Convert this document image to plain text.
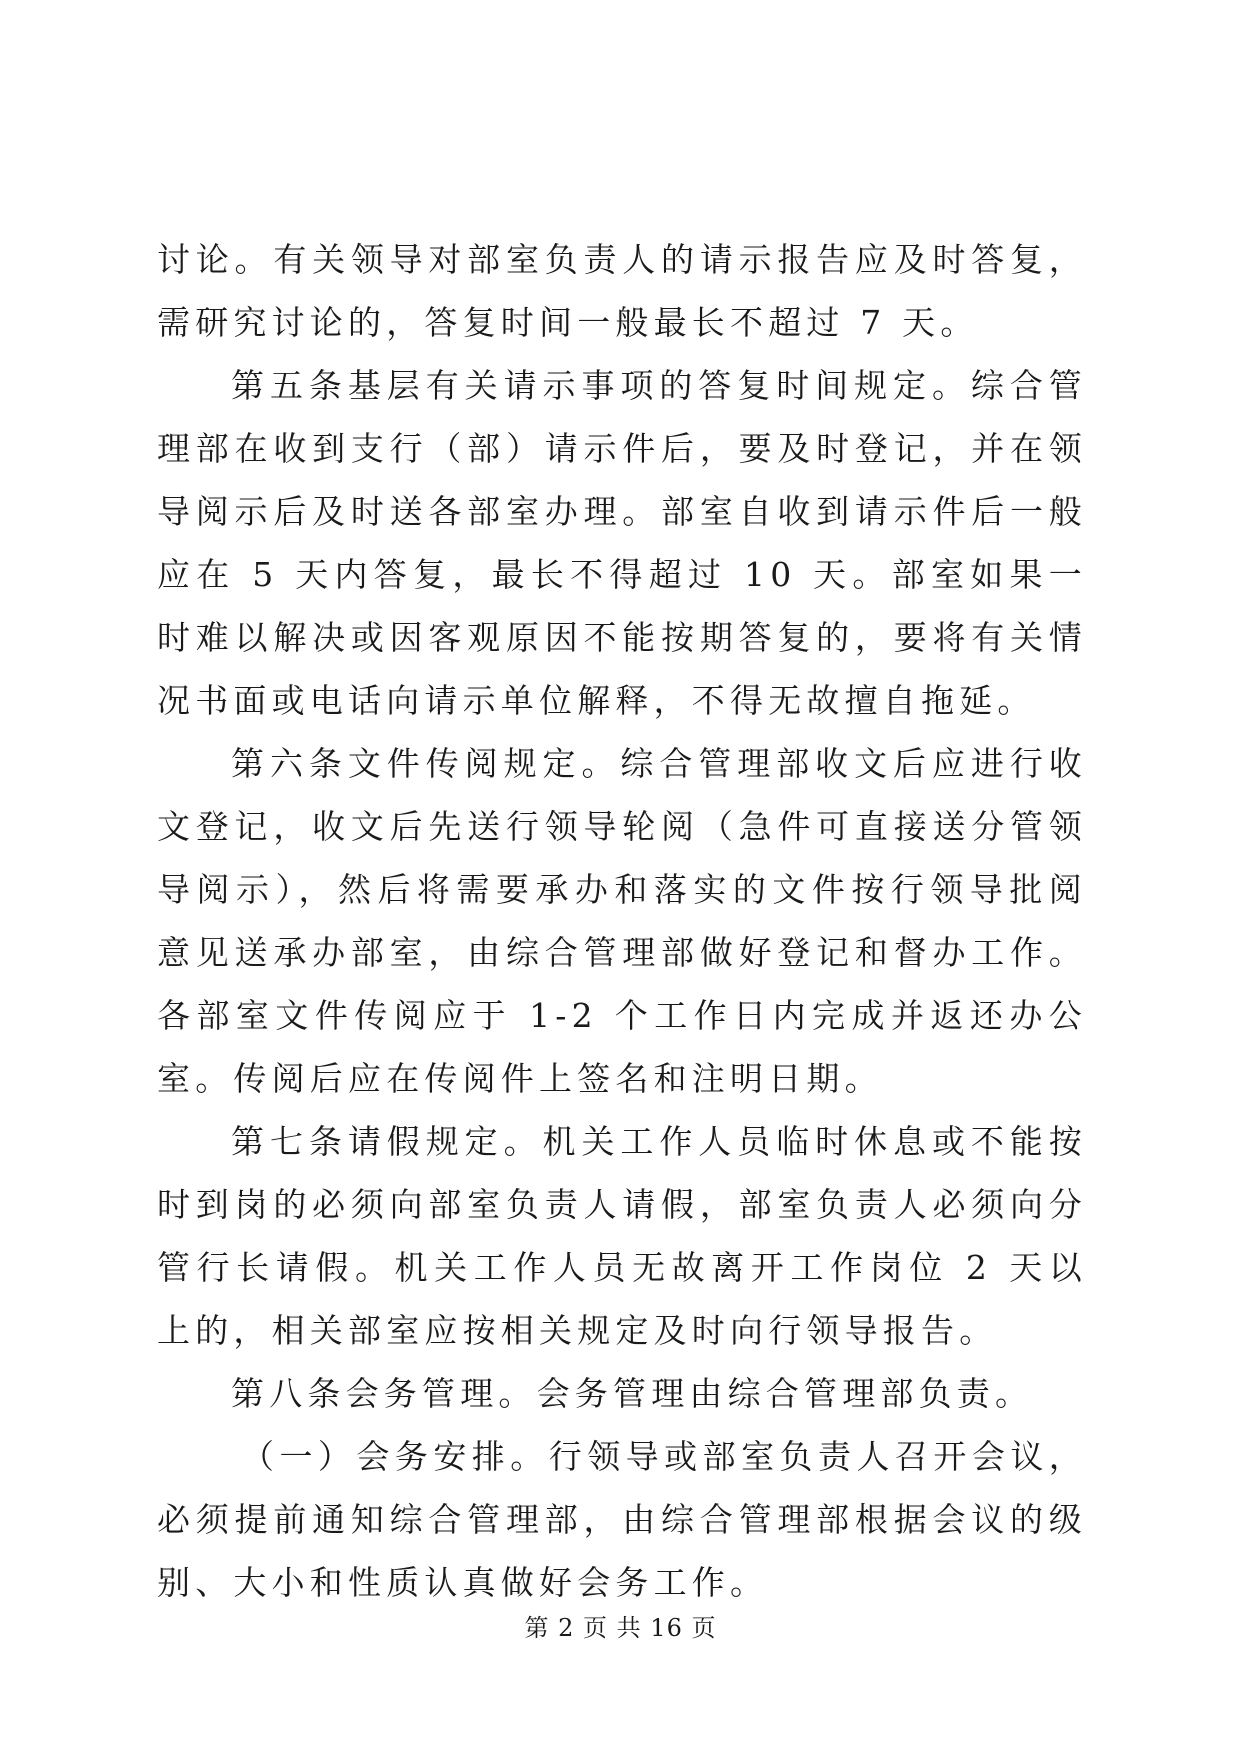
讨论。有关领导对部室负责人的请示报告应及时答复，需研究讨论的，答复时间一般最长不超过 7 天。

第五条基层有关请示事项的答复时间规定。综合管理部在收到支行（部）请示件后，要及时登记，并在领导阅示后及时送各部室办理。部室自收到请示件后一般应在 5 天内答复，最长不得超过 10 天。部室如果一时难以解决或因客观原因不能按期答复的，要将有关情况书面或电话向请示单位解释，不得无故擅自拖延。

第六条文件传阅规定。综合管理部收文后应进行收文登记，收文后先送行领导轮阅（急件可直接送分管领导阅示），然后将需要承办和落实的文件按行领导批阅意见送承办部室，由综合管理部做好登记和督办工作。各部室文件传阅应于 1-2 个工作日内完成并返还办公室。传阅后应在传阅件上签名和注明日期。

第七条请假规定。机关工作人员临时休息或不能按时到岗的必须向部室负责人请假，部室负责人必须向分管行长请假。机关工作人员无故离开工作岗位 2 天以上的，相关部室应按相关规定及时向行领导报告。

第八条会务管理。会务管理由综合管理部负责。

（一）会务安排。行领导或部室负责人召开会议，必须提前通知综合管理部，由综合管理部根据会议的级别、大小和性质认真做好会务工作。

第 2 页 共 16 页
